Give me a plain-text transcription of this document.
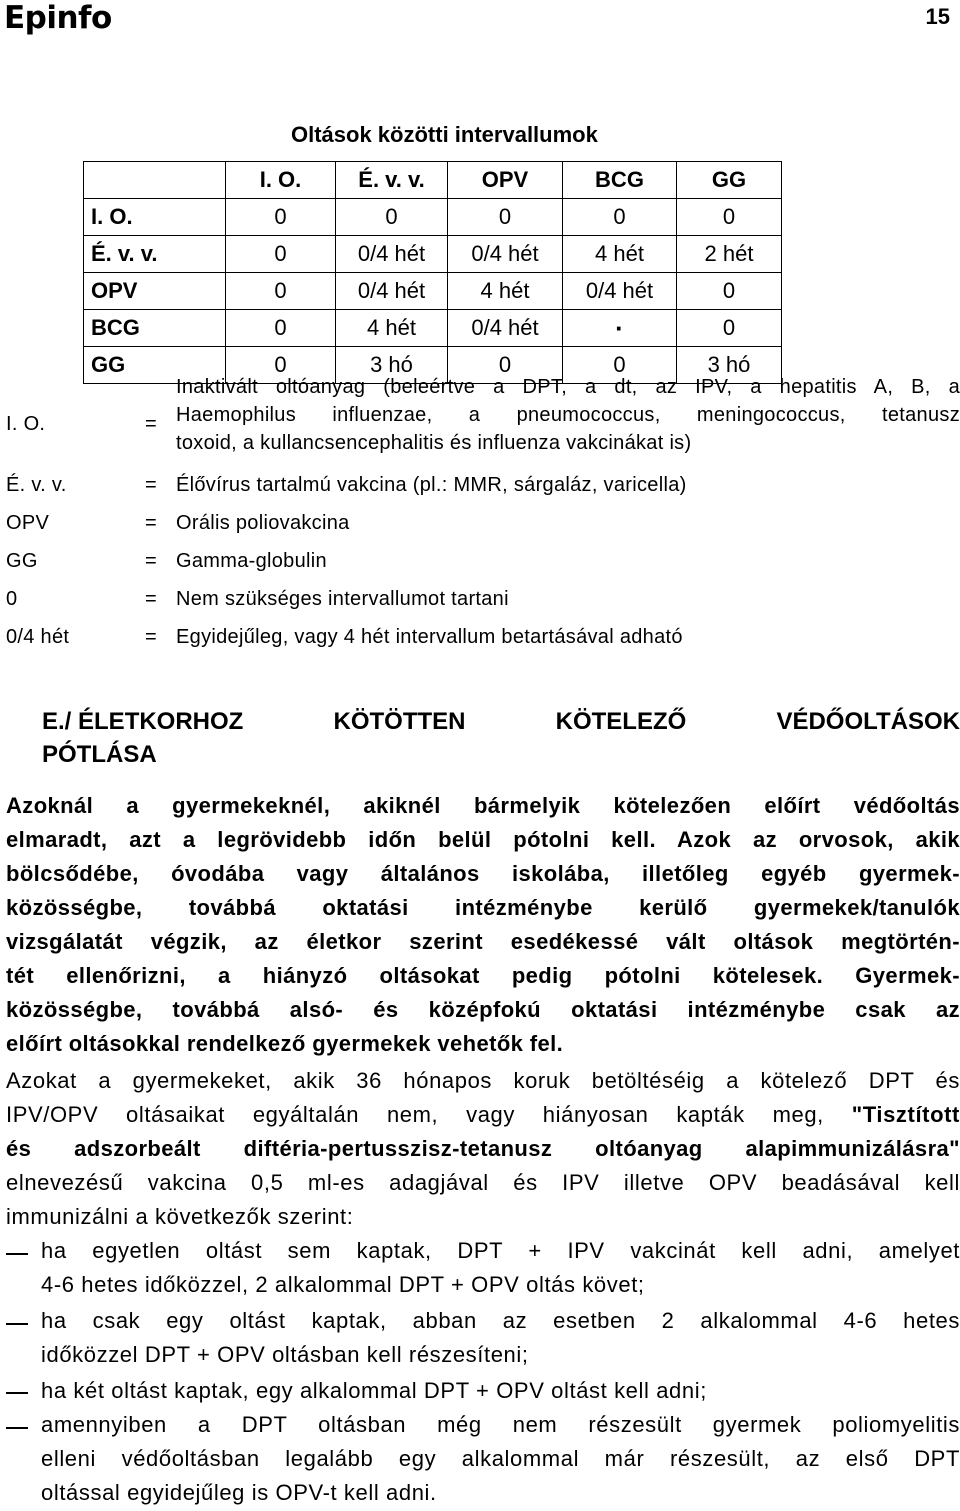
Epinfo	15
Oltások közötti intervallumok
	I. O.	É. v. v.	OPV	BCG	GG
I. O.	0	0	0	0	0
É. v. v.	0	0/4 hét	0/4 hét	4 hét	2 hét
OPV	0	0/4 hét	4 hét	0/4 hét	0
BCG	0	4 hét	0/4 hét	·	0
GG	0	3 hó	0	0	3 hó
I. O.	=
Inaktivált oltóanyag (beleértve a DPT, a dt, az IPV, a hepatitis A, B, a
Haemophilus influenzae, a pneumococcus, meningococcus, tetanusz
toxoid, a kullancsencephalitis és influenza vakcinákat is)
É. v. v.	= Élővírus tartalmú vakcina (pl.: MMR, sárgaláz, varicella)
OPV	= Orális poliovakcina
GG	= Gamma-globulin
0	= Nem szükséges intervallumot tartani
0/4 hét	= Egyidejűleg, vagy 4 hét intervallum betartásával adható
E./ ÉLETKORHOZ	KÖTÖTTEN	KÖTELEZŐ	VÉDŐOLTÁSOK
PÓTLÁSA
Azoknál a gyermekeknél, akiknél bármelyik kötelezően előírt védőoltás
elmaradt, azt a legrövidebb időn belül pótolni kell. Azok az orvosok, akik
bölcsődébe, óvodába vagy általános iskolába, illetőleg egyéb gyermek-
közösségbe, továbbá oktatási intézménybe kerülő gyermekek/tanulók
vizsgálatát végzik, az életkor szerint esedékessé vált oltások megtörtén-
tét ellenőrizni, a hiányzó oltásokat pedig pótolni kötelesek. Gyermek-
közösségbe, továbbá alsó- és középfokú oktatási intézménybe csak az
előírt oltásokkal rendelkező gyermekek vehetők fel.
Azokat a gyermekeket, akik 36 hónapos koruk betöltéséig a kötelező DPT és
IPV/OPV oltásaikat egyáltalán nem, vagy hiányosan kapták meg, "Tisztított
és adszorbeált diftéria-pertusszisz-tetanusz oltóanyag alapimmunizálásra"
elnevezésű vakcina 0,5 ml-es adagjával és IPV illetve OPV beadásával kell
immunizálni a következők szerint:
ha egyetlen oltást sem kaptak, DPT + IPV vakcinát kell adni, amelyet
4-6 hetes időközzel, 2 alkalommal DPT + OPV oltás követ;
ha csak egy oltást kaptak, abban az esetben 2 alkalommal 4-6 hetes
időközzel DPT + OPV oltásban kell részesíteni;
ha két oltást kaptak, egy alkalommal DPT + OPV oltást kell adni;
amennyiben a DPT oltásban még nem részesült gyermek poliomyelitis
elleni védőoltásban legalább egy alkalommal már részesült, az első DPT
oltással egyidejűleg is OPV-t kell adni.
